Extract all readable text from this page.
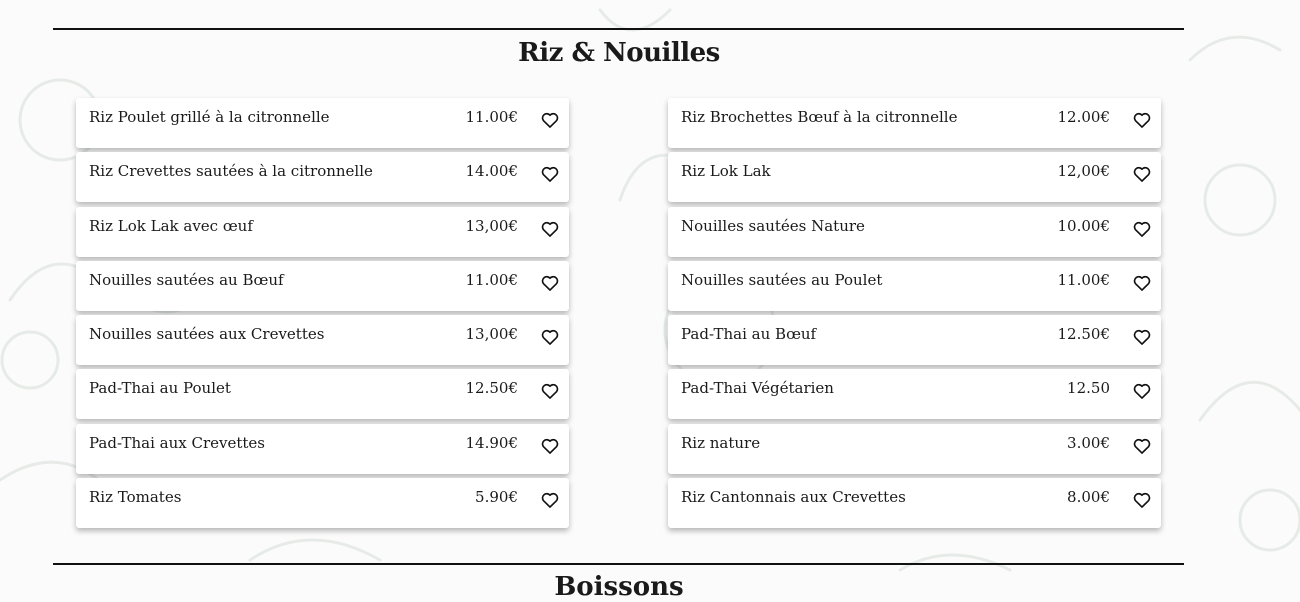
Riz & Nouilles
Riz Poulet grillé à la citronnelle	11.00€
Riz Crevettes sautées à la citronnelle	14.00€
Riz Lok Lak avec œuf	13,00€
Nouilles sautées au Bœuf	11.00€
Nouilles sautées aux Crevettes	13,00€
Pad-Thai au Poulet	12.50€
Pad-Thai aux Crevettes	14.90€
Riz Tomates	5.90€
Riz Brochettes Bœuf à la citronnelle	12.00€
Riz Lok Lak	12,00€
Nouilles sautées Nature	10.00€
Nouilles sautées au Poulet	11.00€
Pad-Thai au Bœuf	12.50€
Pad-Thai Végétarien	12.50
Riz nature	3.00€
Riz Cantonnais aux Crevettes	8.00€
Boissons
